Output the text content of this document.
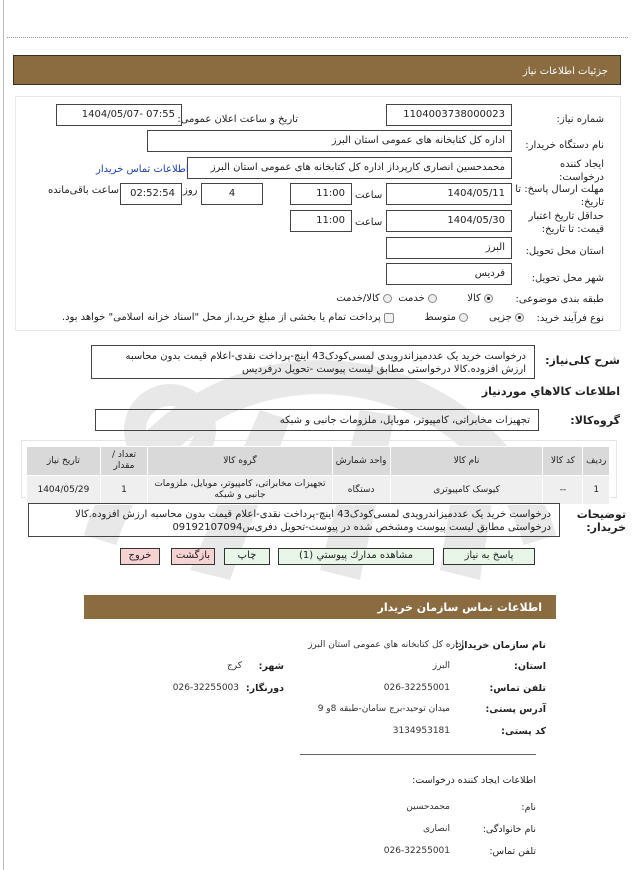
جزئیات اطلاعات نیاز
شماره نیاز:
1104003738000023
تاریخ و ساعت اعلان عمومی:
1404/05/07- 07:55
نام دستگاه خریدار:
اداره کل کتابخانه های عمومی استان البرز
ایجاد کننده درخواست:
محمدحسین انصاری کارپرداز اداره کل کتابخانه های عمومی استان البرز
اطلاعات تماس خریدار
مهلت ارسال پاسخ: تا تاریخ:
1404/05/11
ساعت
11:00
4
روز
02:52:54
ساعت باقی‌مانده
حداقل تاریخ اعتبار قیمت: تا تاریخ:
1404/05/30
ساعت
11:00
استان محل تحویل:
البرز
شهر محل تحویل:
فردیس
طبقه بندی موضوعی:
کالا
خدمت
کالا/خدمت
نوع فرآیند خرید:
جزیی
متوسط
پرداخت تمام یا بخشی از مبلغ خرید،از محل "اسناد خزانه اسلامی" خواهد بود.
شرح کلی‌نیاز:
درخواست خرید یک عددمیزاندرویدی لمسی‌کودک43 اینچ-پرداخت نقدی-اعلام قیمت بدون محاسبه ارزش افزوده.کالا درخواستی مطابق لیست پیوست -تحویل درفردیس
اطلاعات کالاهاي موردنياز
گروه‌کالا:
تجهیزات مخابراتی، کامپیوتر، موبایل، ملزومات جانبی و شبکه
ردیف	کد کالا	نام کالا	واحد شمارش	گروه کالا	تعداد / مقدار	تاریخ نیاز
1	--	کیوسک کامپیوتری	دستگاه	تجهیزات مخابراتی، کامپیوتر، موبایل، ملزومات جانبی و شبکه	1	1404/05/29
توضیحات خریدار:
درخواست خرید یک عددمیزاندرویدی لمسی‌کودک43 اینچ-پرداخت نقدی-اعلام قیمت بدون محاسبه ارزش افزوده.کالا درخواستی مطابق لیست پیوست ومشخص شده در پیوست-تحویل دفری‌س09192107094
پاسخ به نیاز
مشاهده مدارك پيوستي (1)
چاپ
بازگشت
خروج
اطلاعات تماس سازمان خریدار
نام سازمان خریدار:
اداره کل کتابخانه های عمومی استان البرز
استان:
البرز
شهر:
کرج
تلفن تماس:
026-32255001
دورنگار:
026-32255003
آدرس پستی:
میدان توحید-برج سامان-طبقه 8و 9
کد پستی:
3134953181
اطلاعات ایجاد کننده درخواست:
نام:
محمدحسین
نام خانوادگی:
انصاری
تلفن تماس:
026-32255001
